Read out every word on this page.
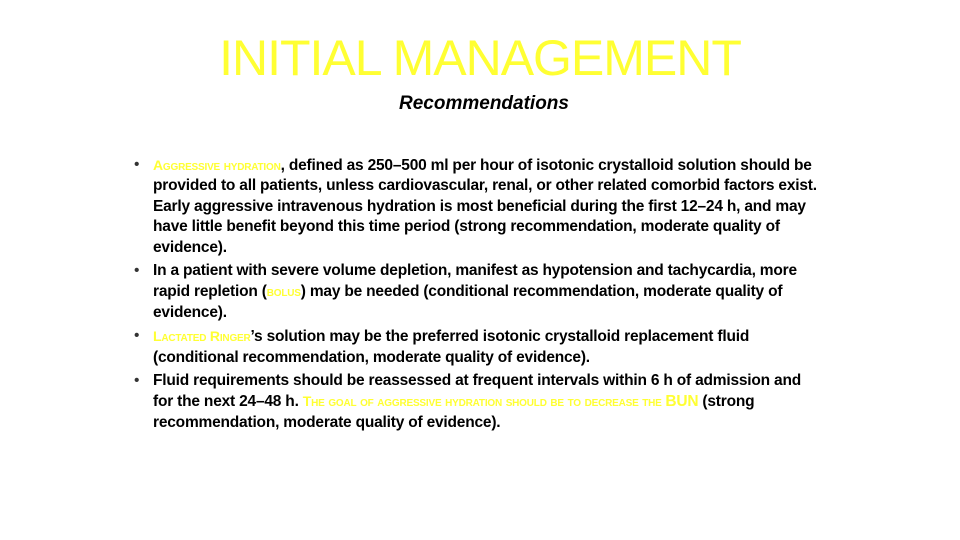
INITIAL MANAGEMENT
Recommendations
• Aggressive hydration, defined as 250–500 ml per hour of isotonic crystalloid solution should be provided to all patients, unless cardiovascular, renal, or other related comorbid factors exist. Early aggressive intravenous hydration is most beneficial during the first 12–24 h, and may have little benefit beyond this time period (strong recommendation, moderate quality of evidence).
• In a patient with severe volume depletion, manifest as hypotension and tachycardia, more rapid repletion (bolus) may be needed (conditional recommendation, moderate quality of evidence).
• Lactated Ringer’s solution may be the preferred isotonic crystalloid replacement fluid (conditional recommendation, moderate quality of evidence).
• Fluid requirements should be reassessed at frequent intervals within 6 h of admission and for the next 24–48 h. The goal of aggressive hydration should be to decrease the BUN (strong recommendation, moderate quality of evidence).
